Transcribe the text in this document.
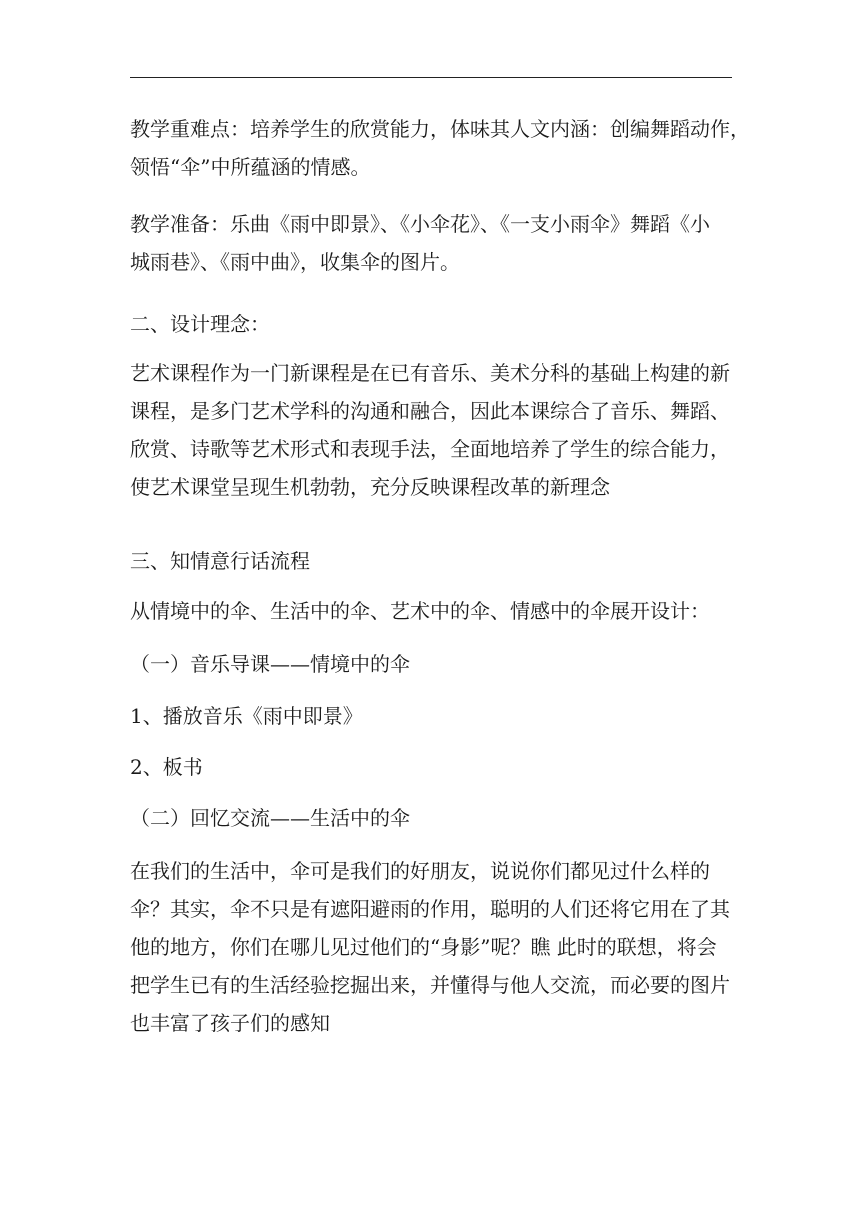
教学重难点：培养学生的欣赏能力，体味其人文内涵：创编舞蹈动作，
领悟“伞”中所蕴涵的情感。
教学准备：乐曲《雨中即景》、《小伞花》、《一支小雨伞》舞蹈《小
城雨巷》、《雨中曲》，收集伞的图片。
二、设计理念：
艺术课程作为一门新课程是在已有音乐、美术分科的基础上构建的新
课程，是多门艺术学科的沟通和融合，因此本课综合了音乐、舞蹈、
欣赏、诗歌等艺术形式和表现手法，全面地培养了学生的综合能力，
使艺术课堂呈现生机勃勃，充分反映课程改革的新理念
三、知情意行话流程
从情境中的伞、生活中的伞、艺术中的伞、情感中的伞展开设计：
（一）音乐导课——情境中的伞
1、播放音乐《雨中即景》
2、板书
（二）回忆交流——生活中的伞
在我们的生活中，伞可是我们的好朋友，说说你们都见过什么样的
伞？其实，伞不只是有遮阳避雨的作用，聪明的人们还将它用在了其
他的地方，你们在哪儿见过他们的“身影”呢？瞧 此时的联想，将会
把学生已有的生活经验挖掘出来，并懂得与他人交流，而必要的图片
也丰富了孩子们的感知
